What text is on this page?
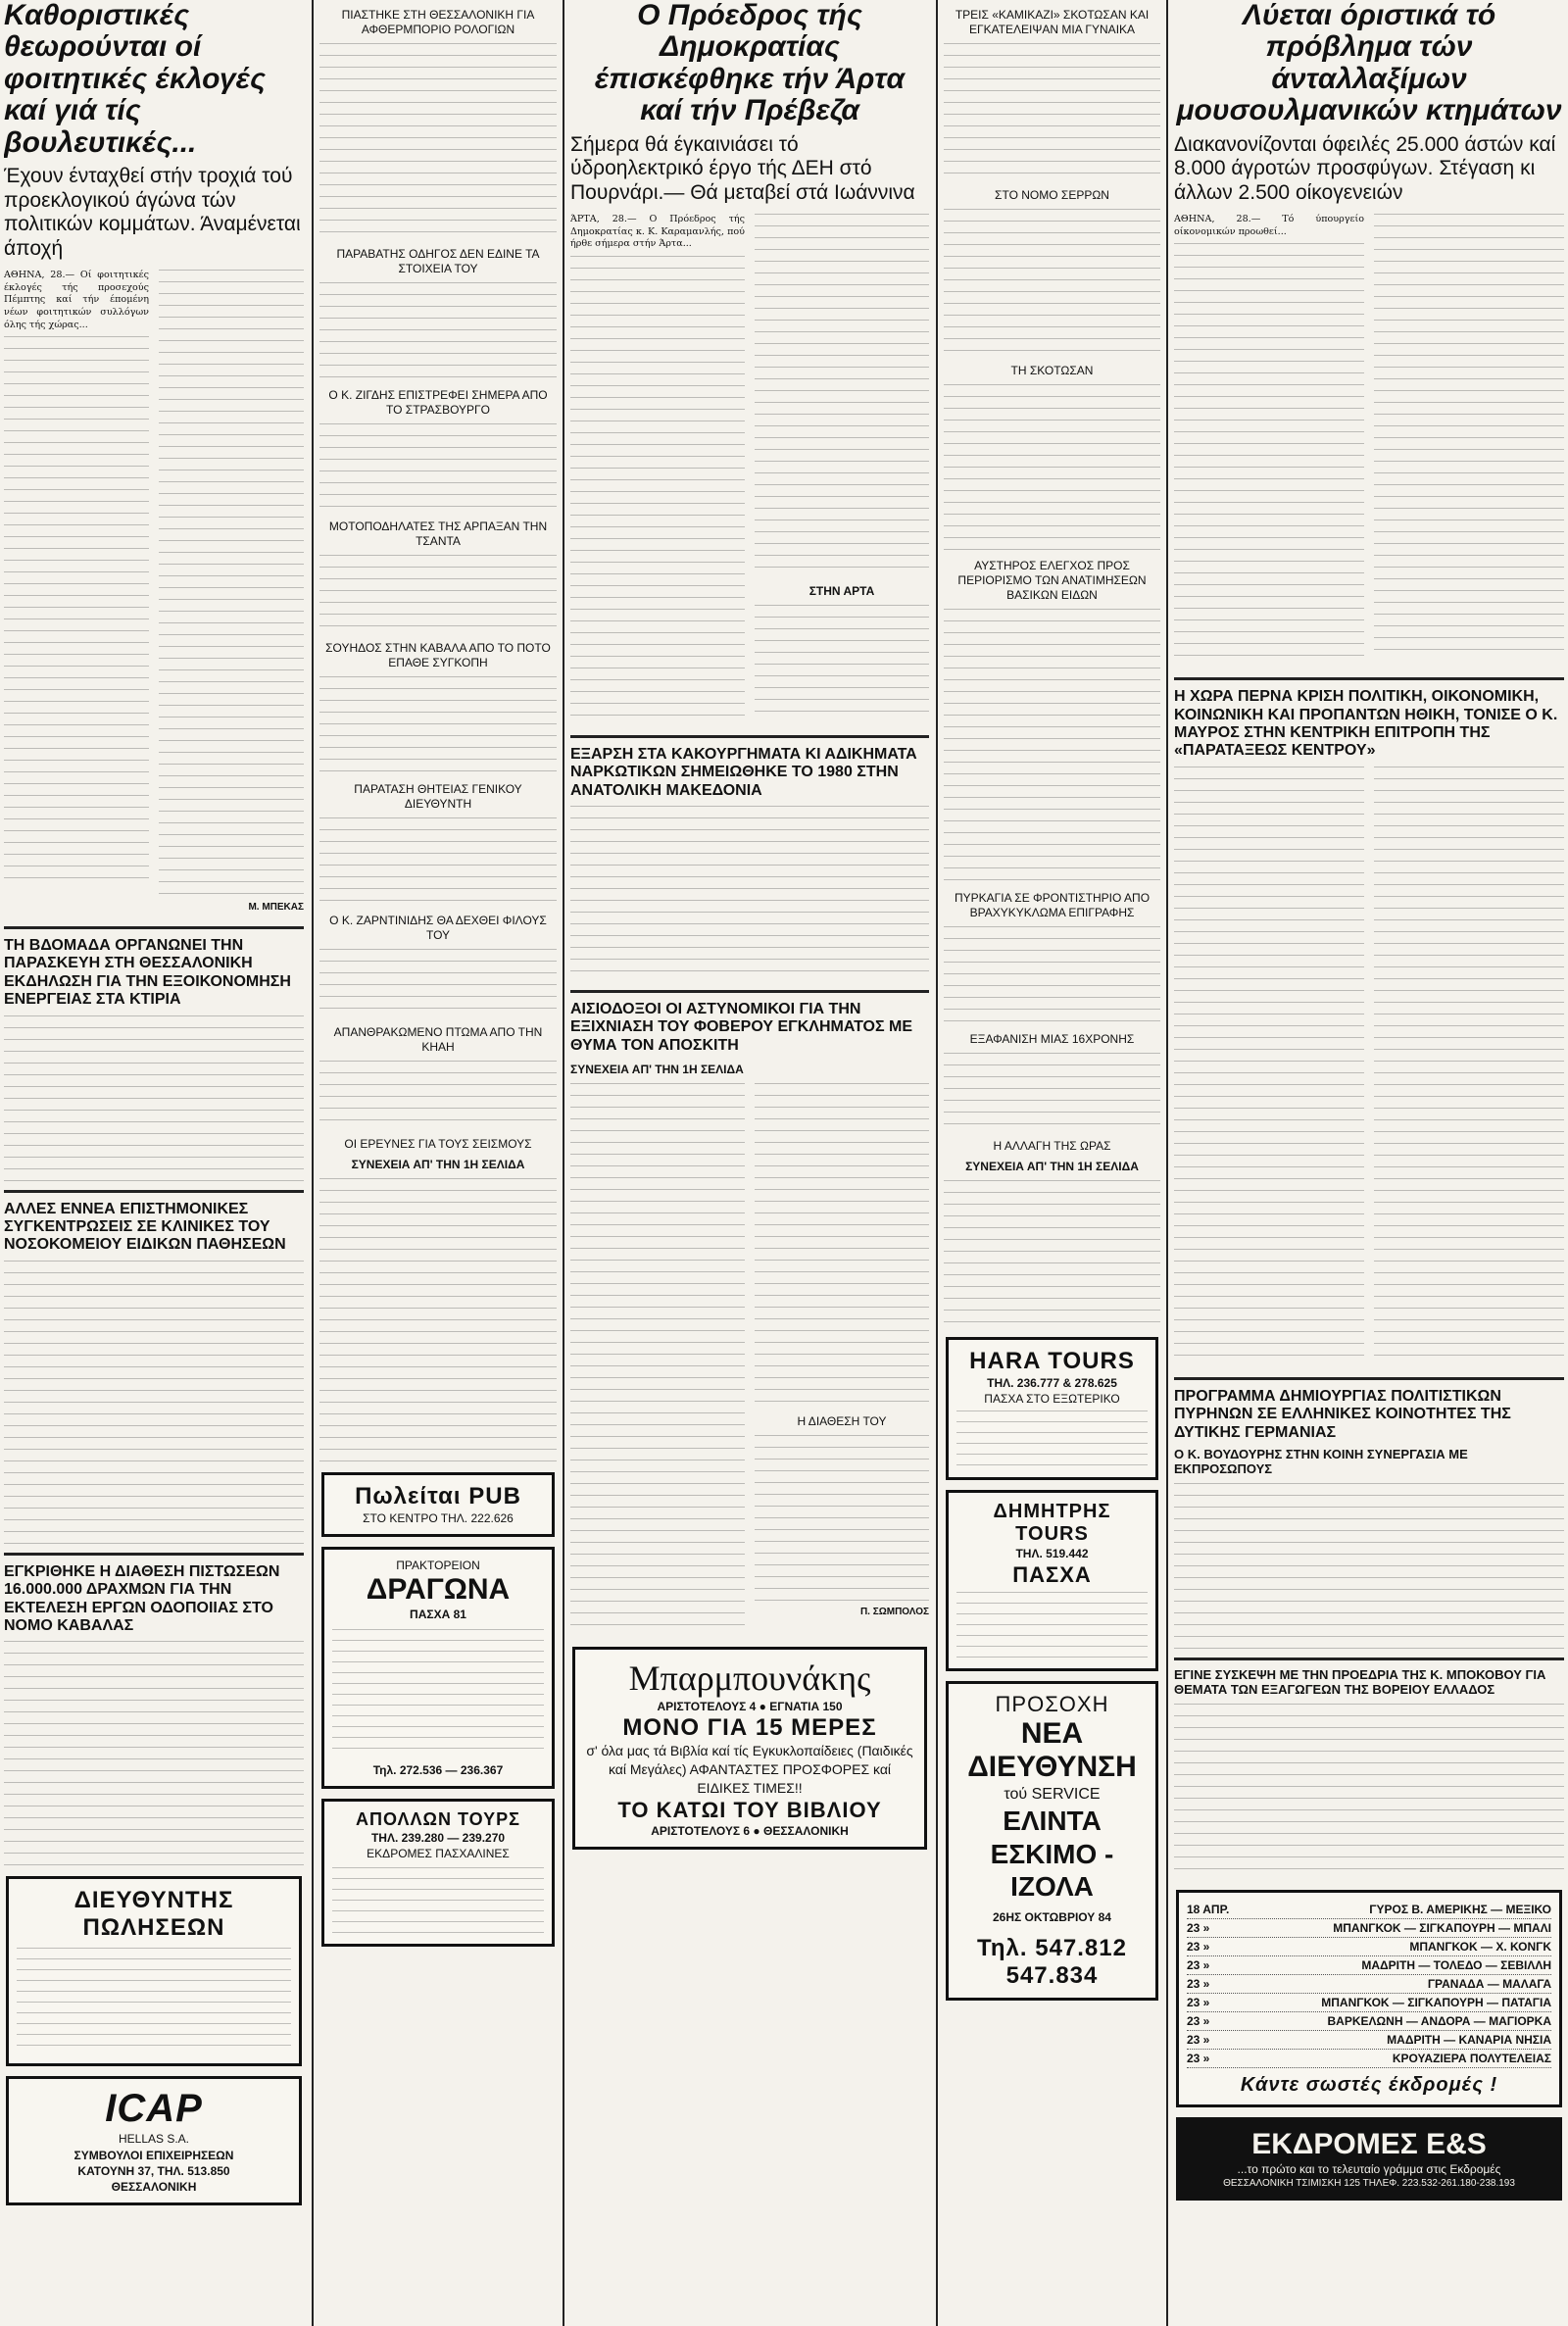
Καθοριστικές θεωρούνται οί φοιτητικές έκλογές καί γιά τίς βουλευτικές...
Έχουν ένταχθεί στήν τροχιά τού προεκλογικού άγώνα τών πολιτικών κομμάτων. Άναμένεται άποχή

ΑΘΗΝΑ, 28.— Οί φοιτητικές έκλογές τής προσεχούς Πέμπτης καί τήν έπομένη νέων φοιτητικών συλλόγων όλης τής χώρας...

Μ. ΜΠΕΚΑΣ
ΤΗ ΒΔΟΜΑΔΑ ΟΡΓΑΝΩΝΕΙ ΤΗΝ ΠΑΡΑΣΚΕΥΗ ΣΤΗ ΘΕΣΣΑΛΟΝΙΚΗ ΕΚΔΗΛΩΣΗ ΓΙΑ ΤΗΝ ΕΞΟΙΚΟΝΟΜΗΣΗ ΕΝΕΡΓΕΙΑΣ ΣΤΑ ΚΤΙΡΙΑ

ΑΛΛΕΣ ΕΝΝΕΑ ΕΠΙΣΤΗΜΟΝΙΚΕΣ ΣΥΓΚΕΝΤΡΩΣΕΙΣ ΣΕ ΚΛΙΝΙΚΕΣ ΤΟΥ ΝΟΣΟΚΟΜΕΙΟΥ ΕΙΔΙΚΩΝ ΠΑΘΗΣΕΩΝ

ΕΓΚΡΙΘΗΚΕ Η ΔΙΑΘΕΣΗ ΠΙΣΤΩΣΕΩΝ 16.000.000 ΔΡΑΧΜΩΝ ΓΙΑ ΤΗΝ ΕΚΤΕΛΕΣΗ ΕΡΓΩΝ ΟΔΟΠΟΙΙΑΣ ΣΤΟ ΝΟΜΟ ΚΑΒΑΛΑΣ

ΔΙΕΥΘΥΝΤΗΣ ΠΩΛΗΣΕΩΝ
ICAP
HELLAS S.A.
ΣΥΜΒΟΥΛΟΙ ΕΠΙΧΕΙΡΗΣΕΩΝ
ΚΑΤΟΥΝΗ 37, ΤΗΛ. 513.850
ΘΕΣΣΑΛΟΝΙΚΗ
ΠΙΑΣΤΗΚΕ ΣΤΗ ΘΕΣΣΑΛΟΝΙΚΗ ΓΙΑ ΑΦΘΕΡΜΠΟΡΙΟ ΡΟΛΟΓΙΩΝ

ΠΑΡΑΒΑΤΗΣ ΟΔΗΓΟΣ ΔΕΝ ΕΔΙΝΕ ΤΑ ΣΤΟΙΧΕΙΑ ΤΟΥ

Ο Κ. ΖΙΓΔΗΣ ΕΠΙΣΤΡΕΦΕΙ ΣΗΜΕΡΑ ΑΠΟ ΤΟ ΣΤΡΑΣΒΟΥΡΓΟ

ΜΟΤΟΠΟΔΗΛΑΤΕΣ ΤΗΣ ΑΡΠΑΞΑΝ ΤΗΝ ΤΣΑΝΤΑ

ΣΟΥΗΔΟΣ ΣΤΗΝ ΚΑΒΑΛΑ ΑΠΟ ΤΟ ΠΟΤΟ ΕΠΑΘΕ ΣΥΓΚΟΠΗ

ΠΑΡΑΤΑΣΗ ΘΗΤΕΙΑΣ ΓΕΝΙΚΟΥ ΔΙΕΥΘΥΝΤΗ

Ο Κ. ΖΑΡΝΤΙΝΙΔΗΣ ΘΑ ΔΕΧΘΕΙ ΦΙΛΟΥΣ ΤΟΥ

ΑΠΑΝΘΡΑΚΩΜΕΝΟ ΠΤΩΜΑ ΑΠΟ ΤΗΝ ΚΗΑΗ

ΟΙ ΕΡΕΥΝΕΣ ΓΙΑ ΤΟΥΣ ΣΕΙΣΜΟΥΣ
ΣΥΝΕΧΕΙΑ ΑΠ' ΤΗΝ 1Η ΣΕΛΙΔΑ

Πωλείται PUB
ΣΤΟ ΚΕΝΤΡΟ ΤΗΛ. 222.626
ΠΡΑΚΤΟΡΕΙΟΝ
ΔΡΑΓΩΝΑ
ΠΑΣΧΑ 81
Τηλ. 272.536 — 236.367
ΑΠΟΛΛΩΝ ΤΟΥΡΣ
ΤΗΛ. 239.280 — 239.270
ΕΚΔΡΟΜΕΣ ΠΑΣΧΑΛΙΝΕΣ
Ο Πρόεδρος τής Δημοκρατίας έπισκέφθηκε τήν Άρτα καί τήν Πρέβεζα
Σήμερα θά έγκαινιάσει τό ύδροηλεκτρικό έργο τής ΔΕΗ στό Πουρνάρι.— Θά μεταβεί στά Ιωάννινα

ΆΡΤΑ, 28.— Ο Πρόεδρος τής Δημοκρατίας κ. Κ. Καραμανλής, πού ήρθε σήμερα στήν Άρτα...

ΣΤΗΝ ΑΡΤΑ

ΕΞΑΡΣΗ ΣΤΑ ΚΑΚΟΥΡΓΗΜΑΤΑ ΚΙ ΑΔΙΚΗΜΑΤΑ ΝΑΡΚΩΤΙΚΩΝ ΣΗΜΕΙΩΘΗΚΕ ΤΟ 1980 ΣΤΗΝ ΑΝΑΤΟΛΙΚΗ ΜΑΚΕΔΟΝΙΑ

ΑΙΣΙΟΔΟΞΟΙ ΟΙ ΑΣΤΥΝΟΜΙΚΟΙ ΓΙΑ ΤΗΝ ΕΞΙΧΝΙΑΣΗ ΤΟΥ ΦΟΒΕΡΟΥ ΕΓΚΛΗΜΑΤΟΣ ΜΕ ΘΥΜΑ ΤΟΝ ΑΠΟΣΚΙΤΗ
ΣΥΝΕΧΕΙΑ ΑΠ' ΤΗΝ 1Η ΣΕΛΙΔΑ

Η ΔΙΑΘΕΣΗ ΤΟΥ

Π. ΣΩΜΠΟΛΟΣ
Μπαρμπουνάκης
ΑΡΙΣΤΟΤΕΛΟΥΣ 4 ● ΕΓΝΑΤΙΑ 150
ΜΟΝΟ ΓΙΑ 15 ΜΕΡΕΣ
σ' όλα μας τά Βιβλία καί τίς Εγκυκλοπαίδειες (Παιδικές καί Μεγάλες) ΑΦΑΝΤΑΣΤΕΣ ΠΡΟΣΦΟΡΕΣ καί ΕΙΔΙΚΕΣ ΤΙΜΕΣ!!
ΤΟ ΚΑΤΩΙ ΤΟΥ ΒΙΒΛΙΟΥ
ΑΡΙΣΤΟΤΕΛΟΥΣ 6 ● ΘΕΣΣΑΛΟΝΙΚΗ
ΤΡΕΙΣ «ΚΑΜΙΚΑΖΙ» ΣΚΟΤΩΣΑΝ ΚΑΙ ΕΓΚΑΤΕΛΕΙΨΑΝ ΜΙΑ ΓΥΝΑΙΚΑ

ΣΤΟ ΝΟΜΟ ΣΕΡΡΩΝ

ΤΗ ΣΚΟΤΩΣΑΝ

ΑΥΣΤΗΡΟΣ ΕΛΕΓΧΟΣ ΠΡΟΣ ΠΕΡΙΟΡΙΣΜΟ ΤΩΝ ΑΝΑΤΙΜΗΣΕΩΝ ΒΑΣΙΚΩΝ ΕΙΔΩΝ

ΠΥΡΚΑΓΙΑ ΣΕ ΦΡΟΝΤΙΣΤΗΡΙΟ ΑΠΟ ΒΡΑΧΥΚΥΚΛΩΜΑ ΕΠΙΓΡΑΦΗΣ

ΕΞΑΦΑΝΙΣΗ ΜΙΑΣ 16ΧΡΟΝΗΣ

Η ΑΛΛΑΓΗ ΤΗΣ ΩΡΑΣ
ΣΥΝΕΧΕΙΑ ΑΠ' ΤΗΝ 1Η ΣΕΛΙΔΑ

HARA TOURS
ΤΗΛ. 236.777 & 278.625
ΠΑΣΧΑ ΣΤΟ ΕΞΩΤΕΡΙΚΟ
ΔΗΜΗΤΡΗΣ TOURS
ΤΗΛ. 519.442
ΠΑΣΧΑ
ΠΡΟΣΟΧΗ
ΝΕΑ ΔΙΕΥΘΥΝΣΗ
τού SERVICE
ΕΛΙΝΤΑ ΕΣΚΙΜΟ - ΙΖΟΛΑ
26ΗΣ ΟΚΤΩΒΡΙΟΥ 84
Τηλ. 547.812
547.834
Λύεται όριστικά τό πρόβλημα τών άνταλλαξίμων μουσουλμανικών κτημάτων
Διακανονίζονται όφειλές 25.000 άστών καί 8.000 άγροτών προσφύγων. Στέγαση κι άλλων 2.500 οίκογενειών

ΑΘΗΝΑ, 28.— Τό ύπουργείο οίκονομικών προωθεί...

Η ΧΩΡΑ ΠΕΡΝΑ ΚΡΙΣΗ ΠΟΛΙΤΙΚΗ, ΟΙΚΟΝΟΜΙΚΗ, ΚΟΙΝΩΝΙΚΗ ΚΑΙ ΠΡΟΠΑΝΤΩΝ ΗΘΙΚΗ, ΤΟΝΙΣΕ Ο Κ. ΜΑΥΡΟΣ ΣΤΗΝ ΚΕΝΤΡΙΚΗ ΕΠΙΤΡΟΠΗ ΤΗΣ «ΠΑΡΑΤΑΞΕΩΣ ΚΕΝΤΡΟΥ»

ΠΡΟΓΡΑΜΜΑ ΔΗΜΙΟΥΡΓΙΑΣ ΠΟΛΙΤΙΣΤΙΚΩΝ ΠΥΡΗΝΩΝ ΣΕ ΕΛΛΗΝΙΚΕΣ ΚΟΙΝΟΤΗΤΕΣ ΤΗΣ ΔΥΤΙΚΗΣ ΓΕΡΜΑΝΙΑΣ
Ο Κ. ΒΟΥΔΟΥΡΗΣ ΣΤΗΝ ΚΟΙΝΗ ΣΥΝΕΡΓΑΣΙΑ ΜΕ ΕΚΠΡΟΣΩΠΟΥΣ

ΕΓΙΝΕ ΣΥΣΚΕΨΗ ΜΕ ΤΗΝ ΠΡΟΕΔΡΙΑ ΤΗΣ Κ. ΜΠΟΚΟΒΟΥ ΓΙΑ ΘΕΜΑΤΑ ΤΩΝ ΕΞΑΓΩΓΕΩΝ ΤΗΣ ΒΟΡΕΙΟΥ ΕΛΛΑΔΟΣ

18 ΑΠΡ.	ΓΥΡΟΣ Β. ΑΜΕΡΙΚΗΣ — ΜΕΞΙΚΟ
23 »	ΜΠΑΝΓΚΟΚ — ΣΙΓΚΑΠΟΥΡΗ — ΜΠΑΛΙ
23 »	ΜΠΑΝΓΚΟΚ — Χ. ΚΟΝΓΚ
23 »	ΜΑΔΡΙΤΗ — ΤΟΛΕΔΟ — ΣΕΒΙΛΛΗ
23 »	ΓΡΑΝΑΔΑ — ΜΑΛΑΓΑ
23 »	ΜΠΑΝΓΚΟΚ — ΣΙΓΚΑΠΟΥΡΗ — ΠΑΤΑΓΙΑ
23 »	ΒΑΡΚΕΛΩΝΗ — ΑΝΔΟΡΑ — ΜΑΓΙΟΡΚΑ
23 »	ΜΑΔΡΙΤΗ — ΚΑΝΑΡΙΑ ΝΗΣΙΑ
23 »	ΚΡΟΥΑΖΙΕΡΑ ΠΟΛΥΤΕΛΕΙΑΣ
Κάντε σωστές έκδρομές !
ΕΚΔΡΟΜΕΣ E&S
...το πρώτο και το τελευταίο γράμμα στις Εκδρομές
ΘΕΣΣΑΛΟΝΙΚΗ ΤΣΙΜΙΣΚΗ 125 ΤΗΛΕΦ. 223.532-261.180-238.193
